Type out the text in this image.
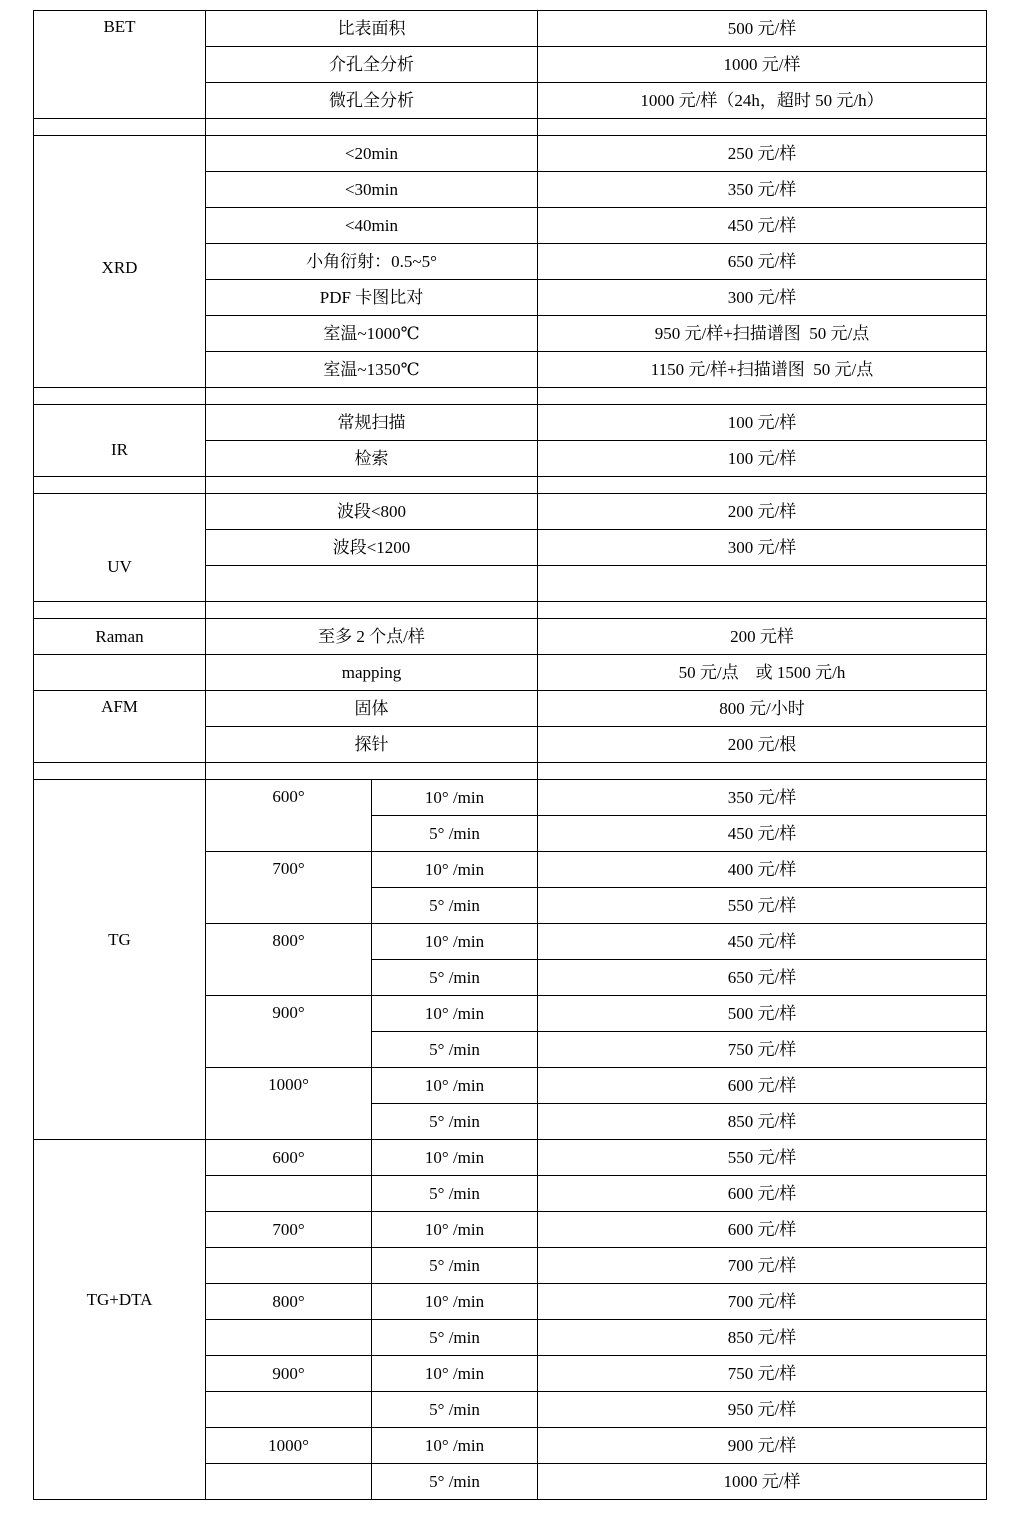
BET	比表面积		500 元/样
	介孔全分析		1000 元/样
	微孔全分析		1000 元/样（24h，超时 50 元/h）

XRD	<20min		250 元/样
	<30min		350 元/样
	<40min		450 元/样
	小角衍射：0.5~5°		650 元/样
	PDF 卡图比对		300 元/样
	室温~1000℃		950 元/样+扫描谱图  50 元/点
	室温~1350℃		1150 元/样+扫描谱图  50 元/点

IR	常规扫描		100 元/样
	检索		100 元/样

UV	波段<800		200 元/样
	波段<1200		300 元/样

Raman	至多 2 个点/样		200 元样
	mapping		50 元/点　或 1500 元/h
AFM	固体		800 元/小时
	探针		200 元/根

TG	600°	10° /min	350 元/样
		5° /min	450 元/样
	700°	10° /min	400 元/样
		5° /min	550 元/样
	800°	10° /min	450 元/样
		5° /min	650 元/样
	900°	10° /min	500 元/样
		5° /min	750 元/样
	1000°	10° /min	600 元/样
		5° /min	850 元/样
TG+DTA	600°	10° /min	550 元/样
		5° /min	600 元/样
	700°	10° /min	600 元/样
		5° /min	700 元/样
	800°	10° /min	700 元/样
		5° /min	850 元/样
	900°	10° /min	750 元/样
		5° /min	950 元/样
	1000°	10° /min	900 元/样
		5° /min	1000 元/样
